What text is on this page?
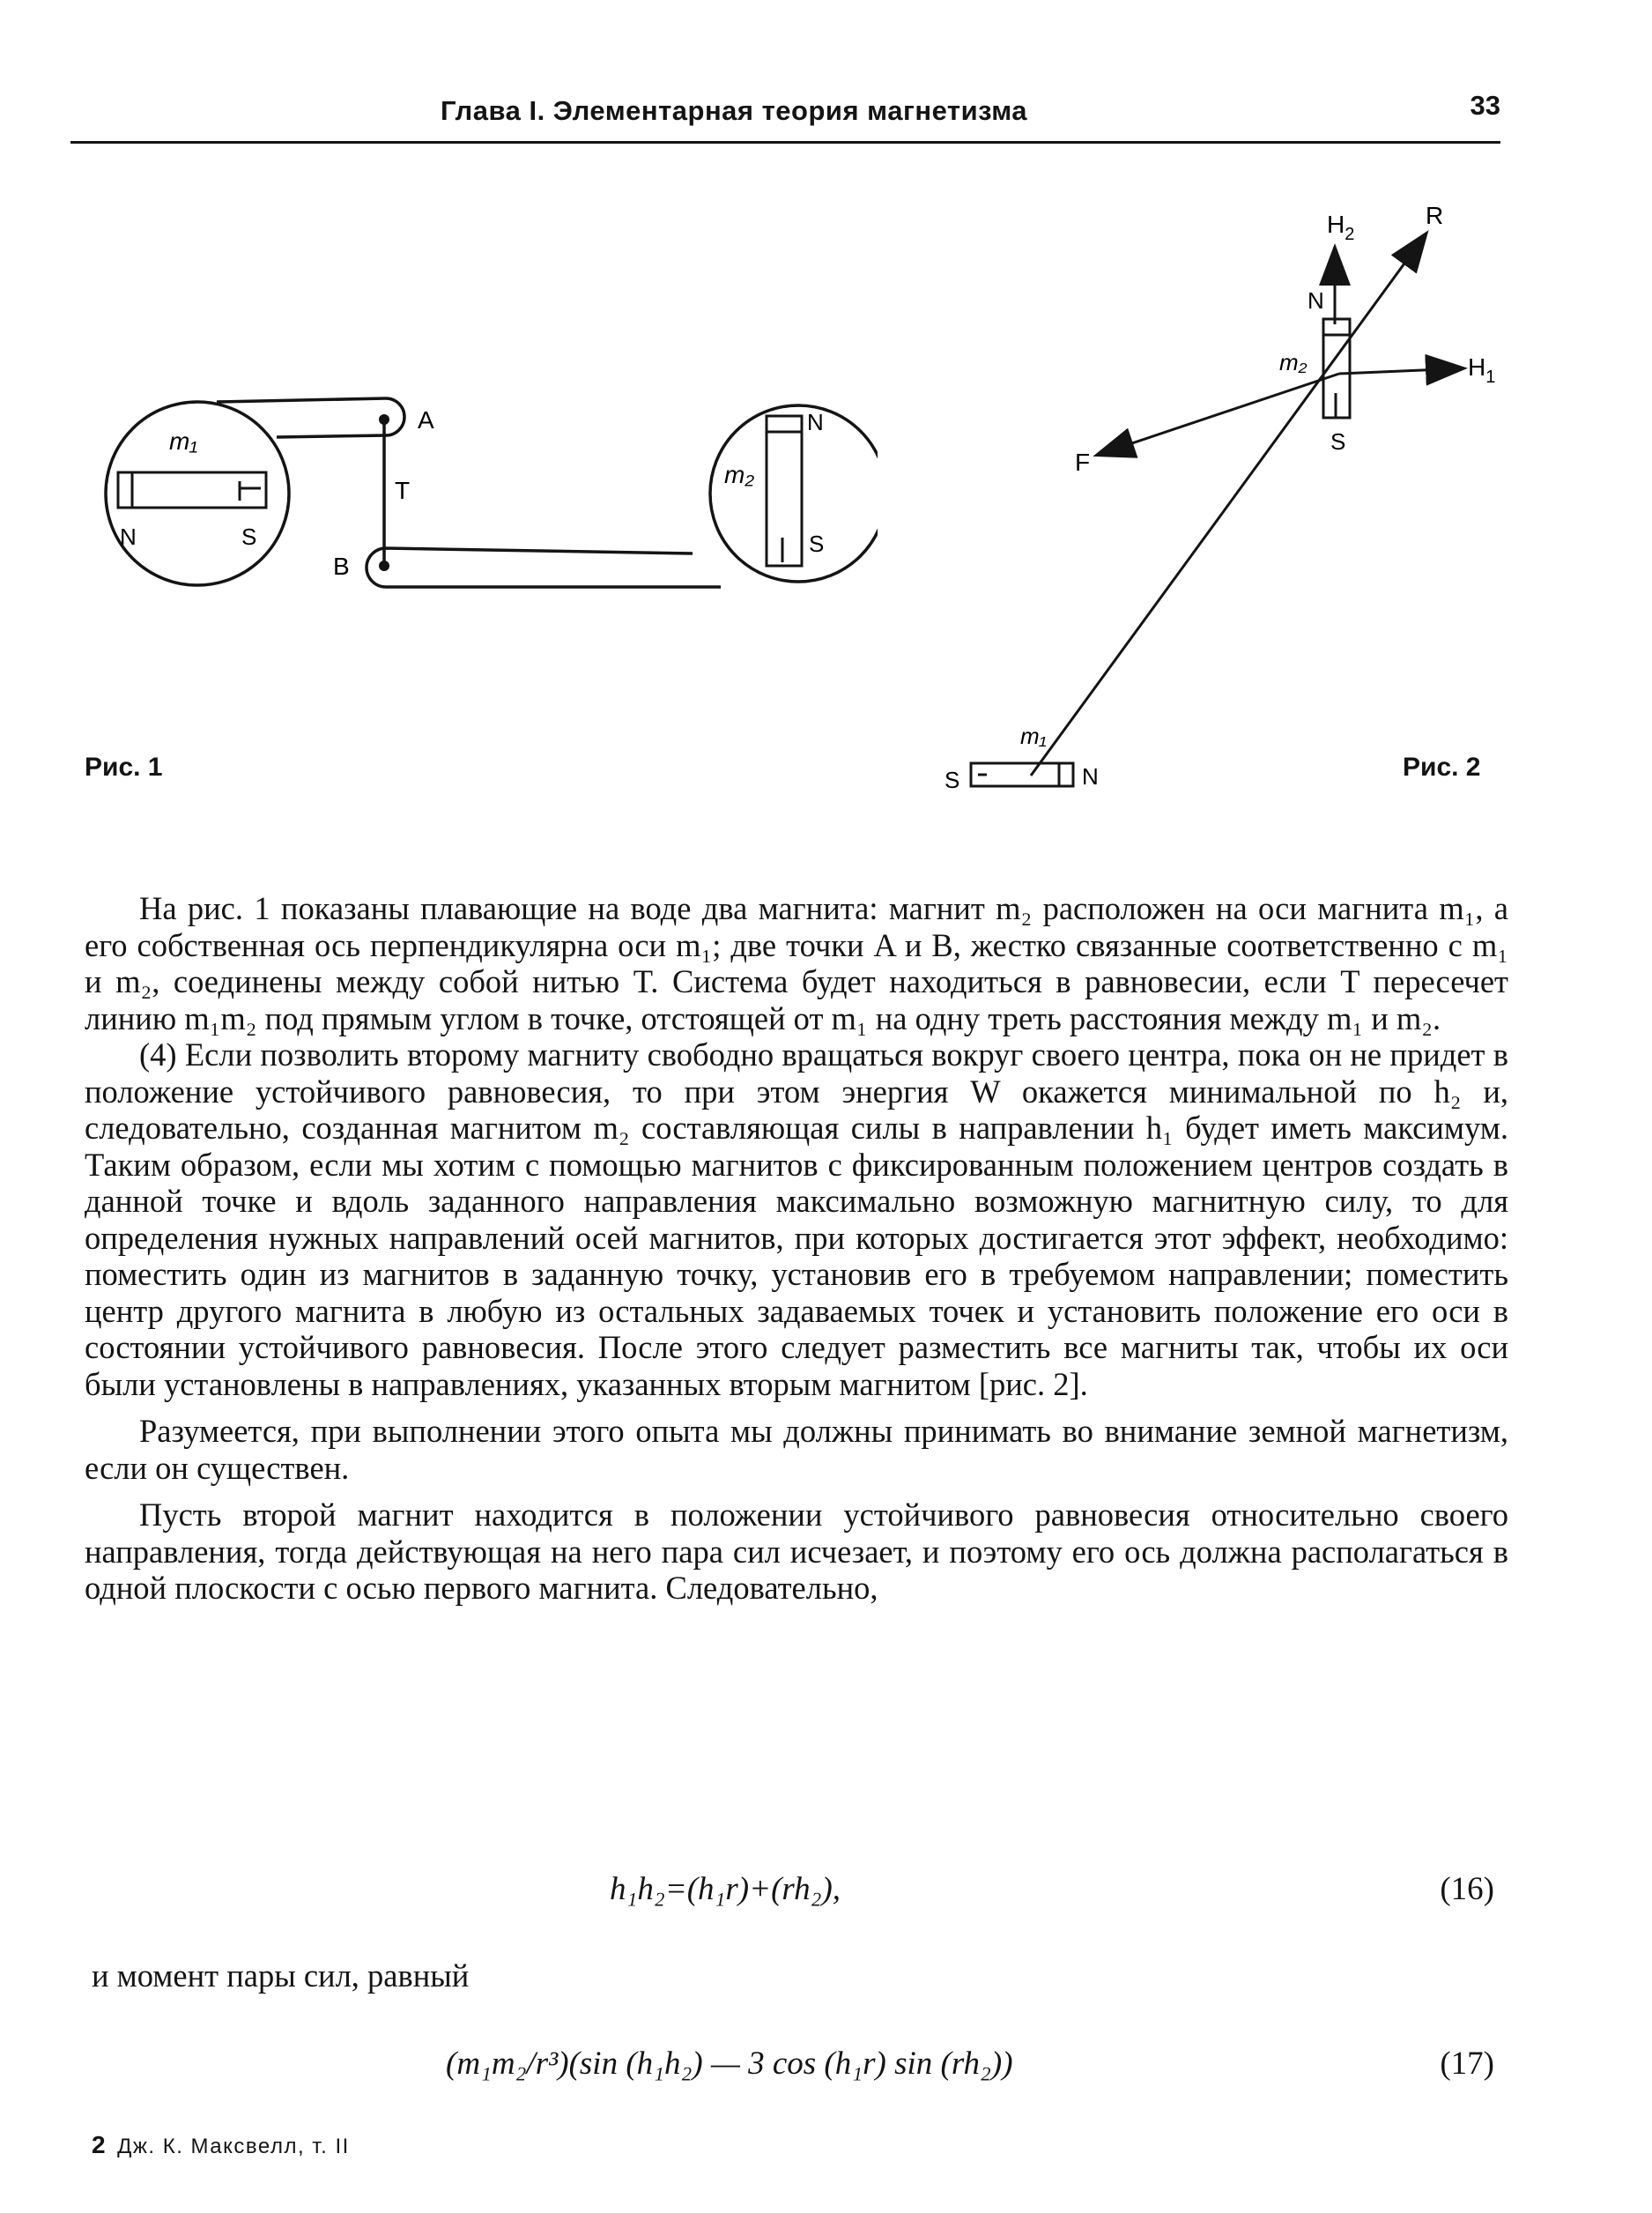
Глава I. Элементарная теория магнетизма	33
m₁
N	S
A
T
B
m₂
N
S
Рис. 1
$H_2$
R
N
m₂	$H_1$
S
F
m₁
S	N	Рис. 2

На рис. 1 показаны плавающие на воде два магнита: магнит m₂ расположен на оси магнита m₁, а его собственная ось перпендикулярна оси m₁; две точки A и B, жестко связанные соответственно с m₁ и m₂, соединены между собой нитью T. Система будет находиться в равновесии, если T пересечет линию m₁m₂ под прямым углом в точке, отстоящей от m₁ на одну треть расстояния между m₁ и m₂.

(4) Если позволить второму магниту свободно вращаться вокруг своего центра, пока он не придет в положение устойчивого равновесия, то при этом энергия W окажется минимальной по h₂ и, следовательно, созданная магнитом m₂ составляющая силы в направлении h₁ будет иметь максимум. Таким образом, если мы хотим с помощью магнитов с фиксированным положением центров создать в данной точке и вдоль заданного направления максимально возможную магнитную силу, то для определения нужных направлений осей магнитов, при которых достигается этот эффект, необходимо: поместить один из магнитов в заданную точку, установив его в требуемом направлении; поместить центр другого магнита в любую из остальных задаваемых точек и установить положение его оси в состоянии устойчивого равновесия. После этого следует разместить все магниты так, чтобы их оси были установлены в направлениях, указанных вторым магнитом [рис. 2].

Разумеется, при выполнении этого опыта мы должны принимать во внимание земной магнетизм, если он существен.

Пусть второй магнит находится в положении устойчивого равновесия относительно своего направления, тогда действующая на него пара сил исчезает, и поэтому его ось должна располагаться в одной плоскости с осью первого магнита. Следовательно,

h₁h₂=(h₁r)+(rh₂),	(16)
и момент пары сил, равный
(m₁m₂/r³)(sin (h₁h₂) — 3 cos (h₁r) sin (rh₂))	(17)
2 Дж. К. Максвелл, т. II
